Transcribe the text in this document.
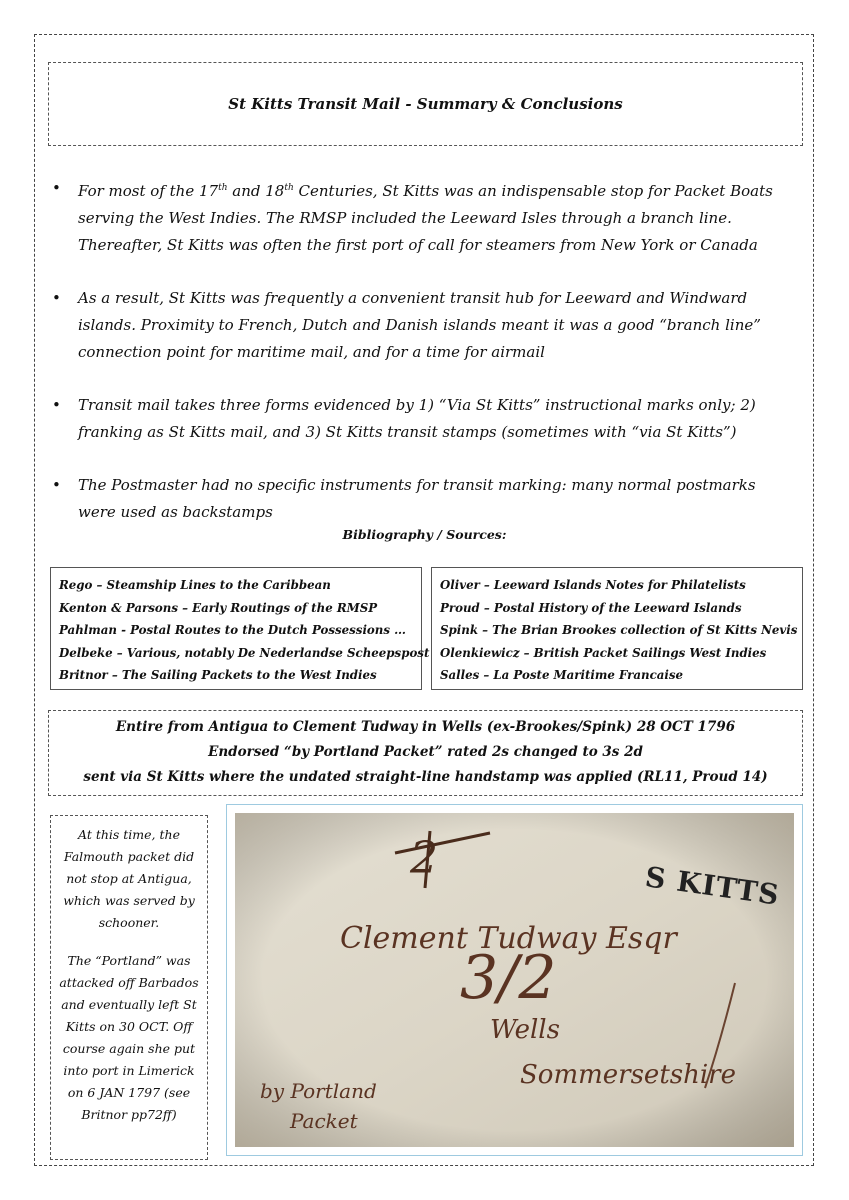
St Kitts Transit Mail - Summary & Conclusions
• For most of the 17th and 18th Centuries, St Kitts was an indispensable stop for Packet Boats serving the West Indies. The RMSP included the Leeward Isles through a branch line. Thereafter, St Kitts was often the first port of call for steamers from New York or Canada
• As a result, St Kitts was frequently a convenient transit hub for Leeward and Windward islands. Proximity to French, Dutch and Danish islands meant it was a good “branch line” connection point for maritime mail, and for a time for airmail
• Transit mail takes three forms evidenced by 1) “Via St Kitts” instructional marks only; 2) franking as St Kitts mail, and 3) St Kitts transit stamps (sometimes with “via St Kitts”)
• The Postmaster had no specific instruments for transit marking: many normal postmarks were used as backstamps
Bibliography / Sources:
Rego – Steamship Lines to the Caribbean
Kenton & Parsons – Early Routings of the RMSP
Pahlman - Postal Routes to the Dutch Possessions …
Delbeke – Various, notably De Nederlandse Scheepspost
Britnor – The Sailing Packets to the West Indies
Oliver – Leeward Islands Notes for Philatelists
Proud – Postal History of the Leeward Islands
Spink – The Brian Brookes collection of St Kitts Nevis
Olenkiewicz – British Packet Sailings West Indies
Salles – La Poste Maritime Francaise
Entire from Antigua to Clement Tudway in Wells (ex-Brookes/Spink) 28 OCT 1796
Endorsed “by Portland Packet” rated 2s changed to 3s 2d
sent via St Kitts where the undated straight-line handstamp was applied (RL11, Proud 14)

At this time, the Falmouth packet did not stop at Antigua, which was served by schooner.

The “Portland” was attacked off Barbados and eventually left St Kitts on 30 OCT. Off course again she put into port in Limerick on 6 JAN 1797 (see Britnor pp72ff)

2
S KITTS
Clement Tudway Esqr
3/2
Wells
Sommersetshire
by Portland
Packet
